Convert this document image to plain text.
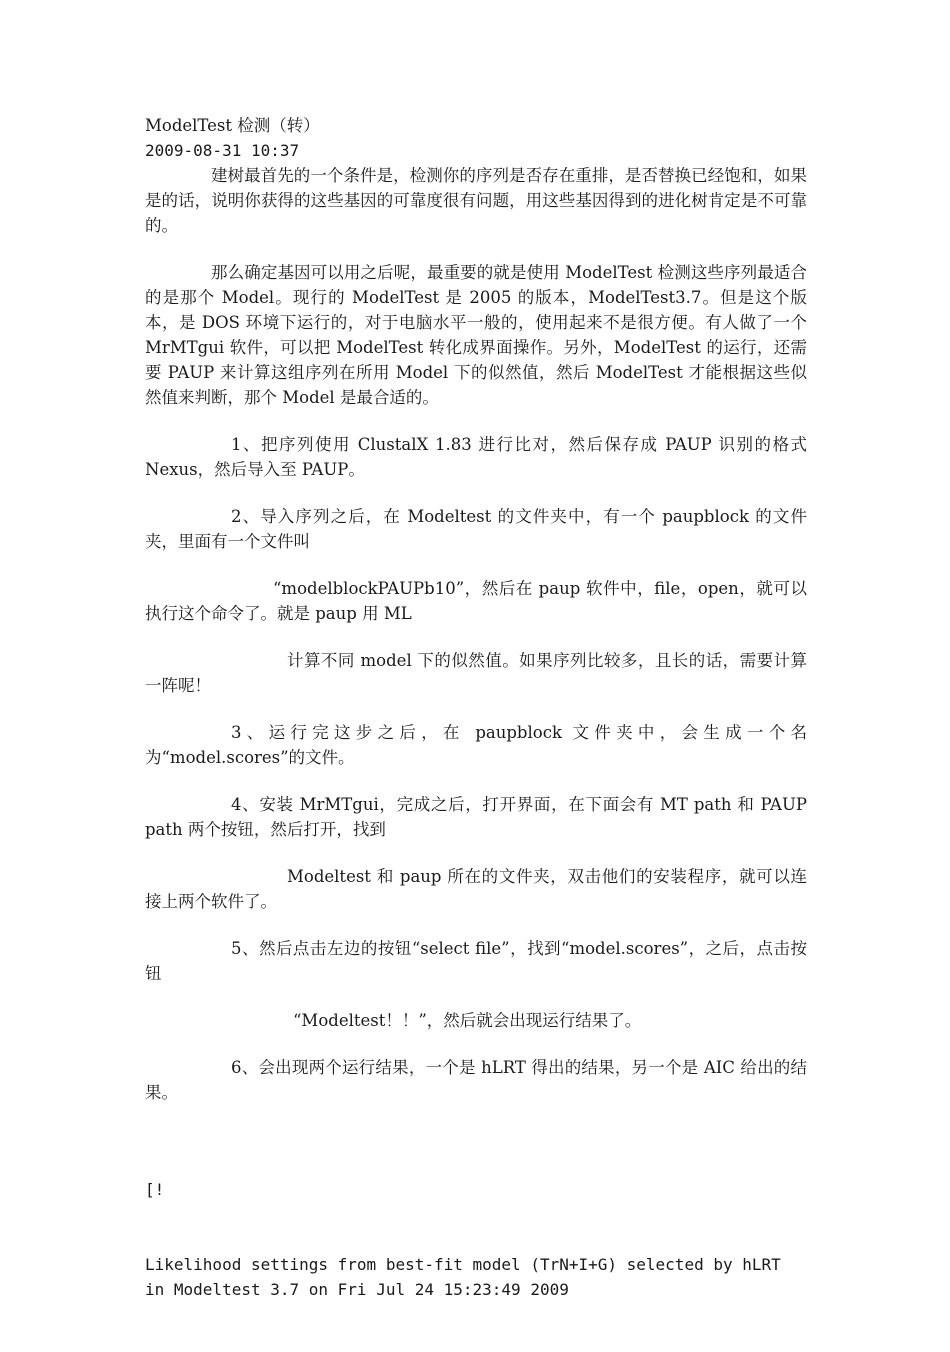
ModelTest 检测（转）
2009-08-31 10:37

建树最首先的一个条件是，检测你的序列是否存在重排，是否替换已经饱和，如果是的话，说明你获得的这些基因的可靠度很有问题，用这些基因得到的进化树肯定是不可靠的。

那么确定基因可以用之后呢，最重要的就是使用 ModelTest 检测这些序列最适合的是那个 Model。现行的 ModelTest 是 2005 的版本，ModelTest3.7。但是这个版本，是 DOS 环境下运行的，对于电脑水平一般的，使用起来不是很方便。有人做了一个 MrMTgui 软件，可以把 ModelTest 转化成界面操作。另外，ModelTest 的运行，还需要 PAUP 来计算这组序列在所用 Model 下的似然值，然后 ModelTest 才能根据这些似然值来判断，那个 Model 是最合适的。

1、把序列使用 ClustalX 1.83 进行比对，然后保存成 PAUP 识别的格式 Nexus，然后导入至 PAUP。

2、导入序列之后，在 Modeltest 的文件夹中，有一个 paupblock 的文件夹，里面有一个文件叫

“modelblockPAUPb10”，然后在 paup 软件中，file，open，就可以执行这个命令了。就是 paup 用 ML

计算不同 model 下的似然值。如果序列比较多，且长的话，需要计算一阵呢！

3、运行完这步之后，在 paupblock 文件夹中，会生成一个名为“model.scores”的文件。

4、安装 MrMTgui，完成之后，打开界面，在下面会有 MT path 和 PAUP path 两个按钮，然后打开，找到

Modeltest 和 paup 所在的文件夹，双击他们的安装程序，就可以连接上两个软件了。

5、然后点击左边的按钮“select file”，找到“model.scores”，之后，点击按钮

“Modeltest！！”，然后就会出现运行结果了。

6、会出现两个运行结果，一个是 hLRT 得出的结果，另一个是 AIC 给出的结果。

[!

Likelihood settings from best-fit model (TrN+I+G) selected by hLRT in Modeltest 3.7 on Fri Jul 24 15:23:49 2009
